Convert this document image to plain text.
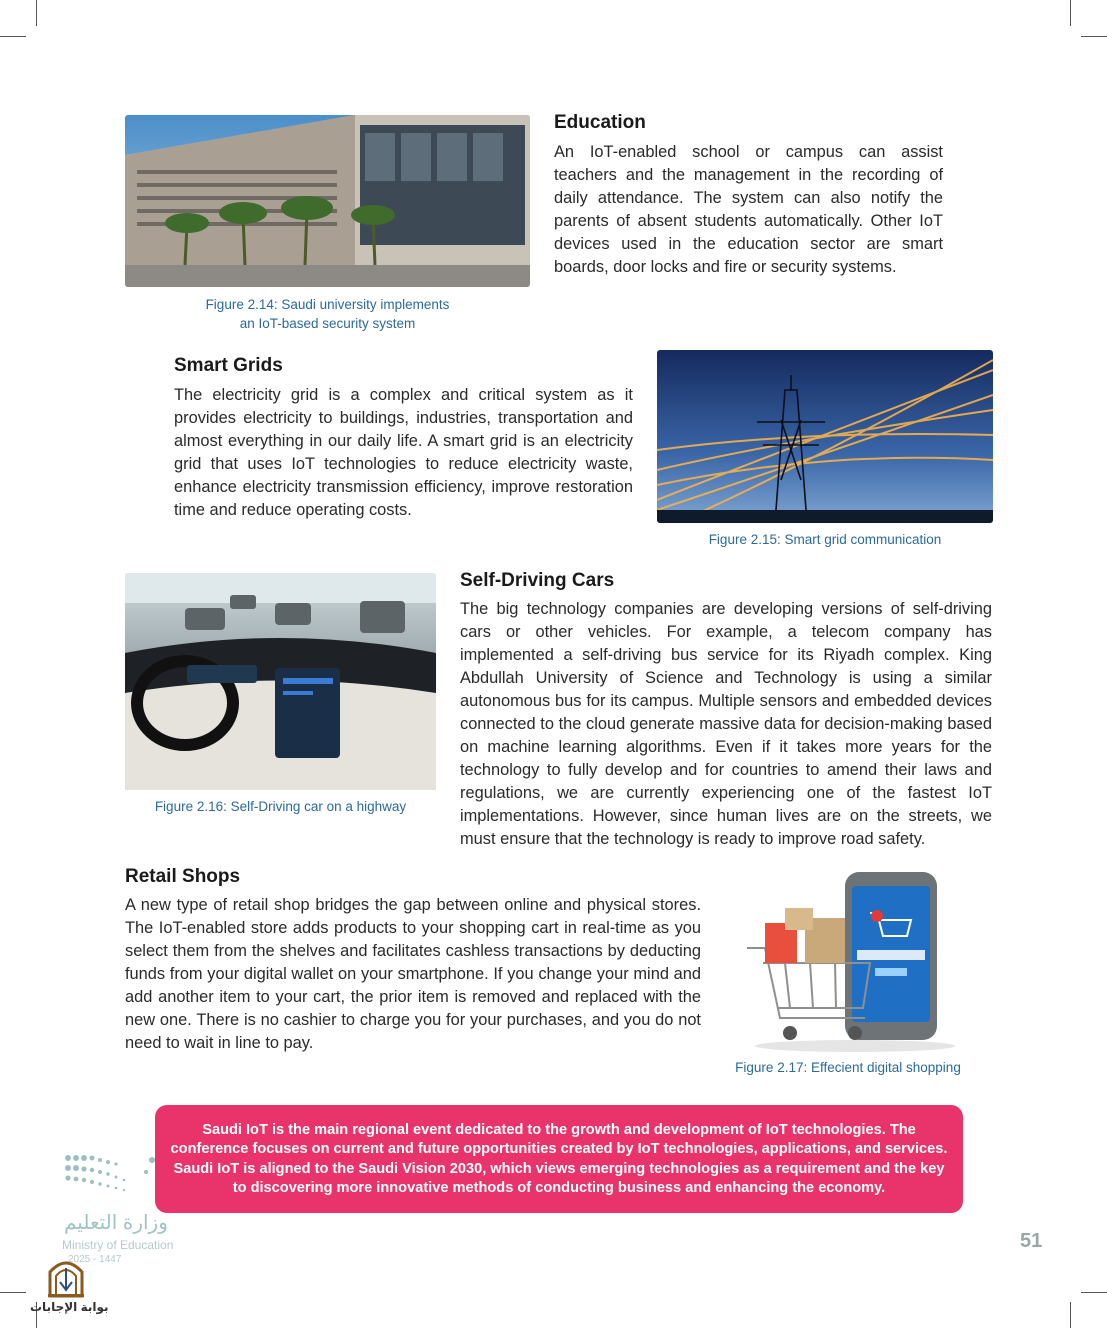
Figure 2.14: Saudi university implements
an IoT-based security system

Education

An IoT-enabled school or campus can assist teachers and the management in the recording of daily attendance. The system can also notify the parents of absent students automatically. Other IoT devices used in the education sector are smart boards, door locks and fire or security systems.

Smart Grids

The electricity grid is a complex and critical system as it provides electricity to buildings, industries, transportation and almost everything in our daily life. A smart grid is an electricity grid that uses IoT technologies to reduce electricity waste, enhance electricity transmission efficiency, improve restoration time and reduce operating costs.

Figure 2.15: Smart grid communication

Figure 2.16: Self-Driving car on a highway

Self-Driving Cars

The big technology companies are developing versions of self-driving cars or other vehicles. For example, a telecom company has implemented a self-driving bus service for its Riyadh complex. King Abdullah University of Science and Technology is using a similar autonomous bus for its campus. Multiple sensors and embedded devices connected to the cloud generate massive data for decision-making based on machine learning algorithms. Even if it takes more years for the technology to fully develop and for countries to amend their laws and regulations, we are currently experiencing one of the fastest IoT implementations. However, since human lives are on the streets, we must ensure that the technology is ready to improve road safety.

Retail Shops

A new type of retail shop bridges the gap between online and physical stores. The IoT-enabled store adds products to your shopping cart in real-time as you select them from the shelves and facilitates cashless transactions by deducting funds from your digital wallet on your smartphone. If you change your mind and add another item to your cart, the prior item is removed and replaced with the new one. There is no cashier to charge you for your purchases, and you do not need to wait in line to pay.

Figure 2.17: Effecient digital shopping

وزارة التعليم
Ministry of Education
2025 - 1447
Saudi IoT is the main regional event dedicated to the growth and development of IoT technologies. The conference focuses on current and future opportunities created by IoT technologies, applications, and services. Saudi IoT is aligned to the Saudi Vision 2030, which views emerging technologies as a requirement and the key to discovering more innovative methods of conducting business and enhancing the economy.
51
بوابة الإجابات
